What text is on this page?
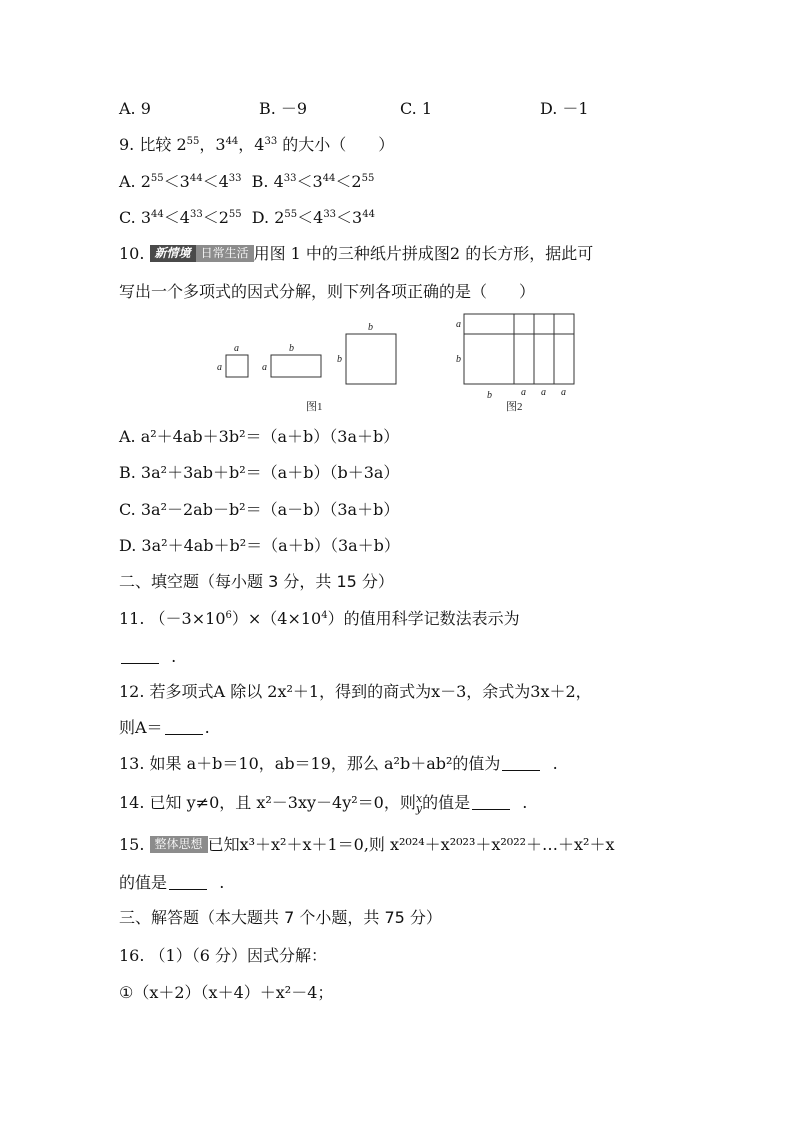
A. 9	B. －9	C. 1	D. －1
9. 比较 $2^{55}$，$3^{44}$，$4^{33}$ 的大小（　　）
A. $2^{55}<3^{44}<4^{33}$ B. $4^{33}<3^{44}<2^{55}$
C. $3^{44}<4^{33}<2^{55}$ D. $2^{55}<4^{33}<3^{44}$
10. 新情境 日常生活 用图 1 中的三种纸片拼成图2 的长方形，据此可
写出一个多项式的因式分解，则下列各项正确的是（　　）
a
a
b
a
b
b
图1
a
b
b	a a a
图2
A. a²＋4ab＋3b²＝（a＋b）（3a＋b）
B. 3a²＋3ab＋b²＝（a＋b）（b＋3a）
C. 3a²－2ab－b²＝（a－b）（3a＋b）
D. 3a²＋4ab＋b²＝（a＋b）（3a＋b）
二、填空题（每小题 3 分，共 15 分）
11. $(-3\times 10^6)\times(4\times 10^4)$的值用科学记数法表示为
.
12. 若多项式A 除以 2x²＋1，得到的商式为x－3，余式为3x＋2，
则A＝	.
13. 如果 a＋b＝10，ab＝19，那么 a²b＋ab²的值为	.
14. 已知 y≠0，且 x²－3xy－4y²＝0，则 x
y 的值是	.
15. 整体思想 已知x³＋x²＋x＋1＝0,则 x²⁰²⁴＋x²⁰²³＋x²⁰²²＋…＋x²＋x
的值是	.
三、解答题（本大题共 7 个小题，共 75 分）
16. （1）（6 分）因式分解：
①（x＋2）（x＋4）＋x²－4；
